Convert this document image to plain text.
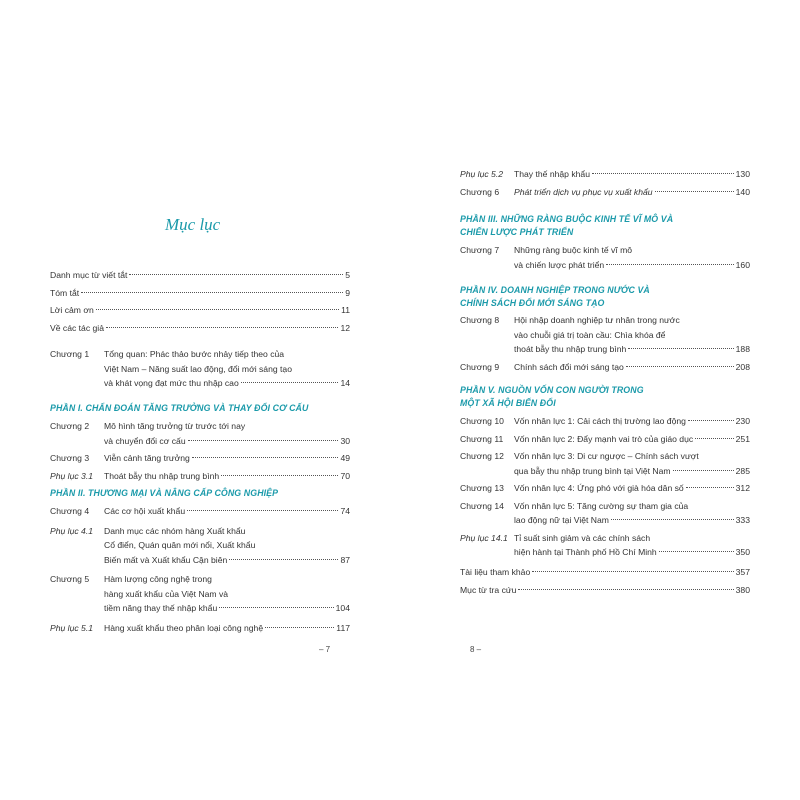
Mục lục
Danh mục từ viết tắt	5
Tóm tắt	9
Lời cảm ơn	11
Về các tác giả	12
Chương 1	Tổng quan: Phác thảo bước nhảy tiếp theo của
Việt Nam – Năng suất lao động, đổi mới sáng tạo
và khát vọng đạt mức thu nhập cao	14
PHẦN I. CHẨN ĐOÁN TĂNG TRƯỞNG VÀ THAY ĐỔI CƠ CẤU
Chương 2	Mô hình tăng trưởng từ trước tới nay
và chuyển đổi cơ cấu	30
Chương 3	Viễn cảnh tăng trưởng	49
Phụ lục 3.1	Thoát bẫy thu nhập trung bình	70
PHẦN II. THƯƠNG MẠI VÀ NÂNG CẤP CÔNG NGHIỆP
Chương 4	Các cơ hội xuất khẩu	74
Phụ lục 4.1	Danh mục các nhóm hàng Xuất khẩu
Cổ điển, Quán quân mới nổi, Xuất khẩu
Biến mất và Xuất khẩu Cận biên	87
Chương 5	Hàm lượng công nghệ trong
hàng xuất khẩu của Việt Nam và
tiềm năng thay thế nhập khẩu	104
Phụ lục 5.1	Hàng xuất khẩu theo phân loại công nghệ	117
– 7
Phụ lục 5.2	Thay thế nhập khẩu	130
Chương 6	Phát triển dịch vụ phục vụ xuất khẩu	140
PHẦN III. NHỮNG RÀNG BUỘC KINH TẾ VĨ MÔ VÀ
CHIẾN LƯỢC PHÁT TRIỂN
Chương 7	Những ràng buộc kinh tế vĩ mô
và chiến lược phát triển	160
PHẦN IV. DOANH NGHIỆP TRONG NƯỚC VÀ
CHÍNH SÁCH ĐỔI MỚI SÁNG TẠO
Chương 8	Hội nhập doanh nghiệp tư nhân trong nước
vào chuỗi giá trị toàn cầu: Chìa khóa để
thoát bẫy thu nhập trung bình	188
Chương 9	Chính sách đổi mới sáng tạo	208
PHẦN V. NGUỒN VỐN CON NGƯỜI TRONG
MỘT XÃ HỘI BIẾN ĐỔI
Chương 10	Vốn nhân lực 1: Cải cách thị trường lao động	230
Chương 11	Vốn nhân lực 2: Đẩy mạnh vai trò của giáo dục	251
Chương 12	Vốn nhân lực 3: Di cư ngược – Chính sách vượt
qua bẫy thu nhập trung bình tại Việt Nam	285
Chương 13	Vốn nhân lực 4: Ứng phó với già hóa dân số	312
Chương 14	Vốn nhân lực 5: Tăng cường sự tham gia của
lao động nữ tại Việt Nam	333
Phụ lục 14.1 Tỉ suất sinh giảm và các chính sách
hiện hành tại Thành phố Hồ Chí Minh	350
Tài liệu tham khảo	357
Mục từ tra cứu	380
8 –
